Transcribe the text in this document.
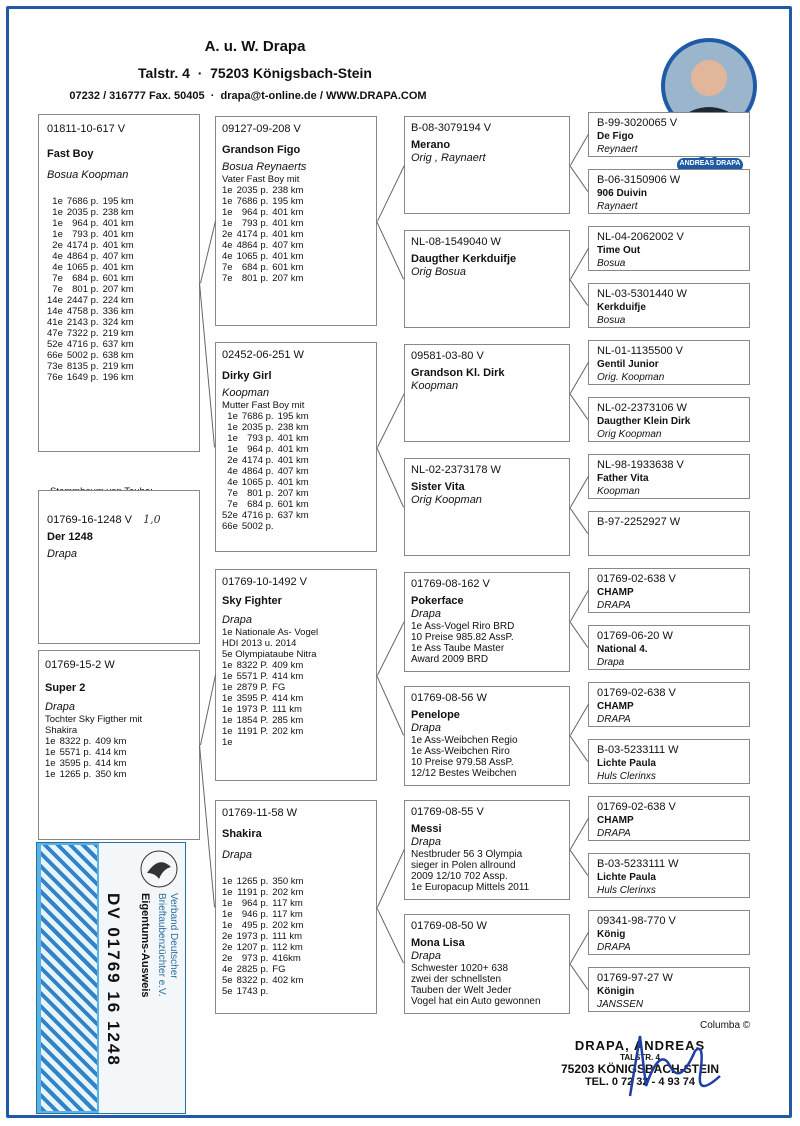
A. u. W. Drapa
Talstr. 4  ·  75203 Königsbach-Stein
07232 / 316777 Fax. 50405  ·  drapa@t-online.de / WWW.DRAPA.COM
ANDREAS DRAPA
01811-10-617 V
Fast Boy
Bosua Koopman
1e	7686 p.	195 km
1e	2035 p.	238 km
1e	964 p.	401 km
1e	793 p.	401 km
2e	4174 p.	401 km
4e	4864 p.	407 km
4e	1065 p.	401 km
7e	684 p.	601 km
7e	801 p.	207 km
14e	2447 p.	224 km
14e	4758 p.	336 km
41e	2143 p.	324 km
47e	7322 p.	219 km
52e	4716 p.	637 km
66e	5002 p.	638 km
73e	8135 p.	219 km
76e	1649 p.	196 km
01769-16-1248 V 1,0
Der 1248
Drapa
01769-15-2 W
Super 2
Drapa
Tochter Sky Figther mit
Shakira
1e	8322 p.	409 km
1e	5571 p.	414 km
1e	3595 p.	414 km
1e	1265 p.	350 km
Verband Deutscher
Brieftaubenzüchter e.V.
Eigentums-Ausweis
DV 01769 16 1248
09127-09-208 V
Grandson Figo
Bosua Reynaerts
Vater Fast Boy mit
1e	2035 p.	238 km
1e	7686 p.	195 km
1e	964 p.	401 km
1e	793 p.	401 km
2e	4174 p.	401 km
4e	4864 p.	407 km
4e	1065 p.	401 km
7e	684 p.	601 km
7e	801 p.	207 km
02452-06-251 W
Dirky Girl
Koopman
Mutter Fast Boy mit
1e	7686 p.	195 km
1e	2035 p.	238 km
1e	793 p.	401 km
1e	964 p.	401 km
2e	4174 p.	401 km
4e	4864 p.	407 km
4e	1065 p.	401 km
7e	801 p.	207 km
7e	684 p.	601 km
52e	4716 p.	637 km
66e	5002 p.	
01769-10-1492 V
Sky Fighter
Drapa
1e Nationale As- Vogel
HDI 2013 u. 2014
5e Olympiataube Nitra
1e	8322 P.	409 km
1e	5571 P.	414 km
1e	2879 P.	FG
1e	3595 P.	414 km
1e	1973 P.	111 km
1e	1854 P.	285 km
1e	1191 P.	202 km
1e		
01769-11-58 W
Shakira
Drapa
1e	1265 p.	350 km
1e	1191 p.	202 km
1e	964 p.	117 km
1e	946 p.	117 km
1e	495 p.	202 km
2e	1973 p.	111 km
2e	1207 p.	112 km
2e	973 p.	416km
4e	2825 p.	FG
5e	8322 p.	402 km
5e	1743 p.	
B-08-3079194 V
Merano
Orig , Raynaert
NL-08-1549040 W
Daugther Kerkduifje
Orig Bosua
09581-03-80 V
Grandson Kl. Dirk
Koopman
NL-02-2373178 W
Sister Vita
Orig Koopman
01769-08-162 V
Pokerface
Drapa
1e Ass-Vogel Riro BRD
10 Preise 985.82 AssP.
1e Ass Taube Master
Award 2009 BRD
01769-08-56 W
Penelope
Drapa
1e Ass-Weibchen Regio
1e Ass-Weibchen Riro
10 Preise 979.58 AssP.
12/12 Bestes Weibchen
01769-08-55 V
Messi
Drapa
Nestbruder 56 3 Olympia
sieger in Polen allround
2009 12/10 702 Assp.
1e Europacup Mittels 2011
01769-08-50 W
Mona Lisa
Drapa
Schwester 1020+ 638
zwei der schnellsten
Tauben der Welt Jeder
Vogel hat ein Auto gewonnen
B-99-3020065 V
De Figo
Reynaert
B-06-3150906 W
906 Duivin
Raynaert
NL-04-2062002 V
Time Out
Bosua
NL-03-5301440 W
Kerkduifje
Bosua
NL-01-1135500 V
Gentil Junior
Orig. Koopman
NL-02-2373106 W
Daugther Klein Dirk
Orig Koopman
NL-98-1933638 V
Father Vita
Koopman
B-97-2252927 W
01769-02-638 V
CHAMP
DRAPA
01769-06-20 W
National 4.
Drapa
01769-02-638 V
CHAMP
DRAPA
B-03-5233111 W
Lichte Paula
Huls Clerinxs
01769-02-638 V
CHAMP
DRAPA
B-03-5233111 W
Lichte Paula
Huls Clerinxs
09341-98-770 V
König
DRAPA
01769-97-27 W
Königin
JANSSEN
Columba ©
DRAPA, ANDREAS
TALSTR. 4
75203 KÖNIGSBACH-STEIN
TEL. 0 72 32 - 4 93 74
